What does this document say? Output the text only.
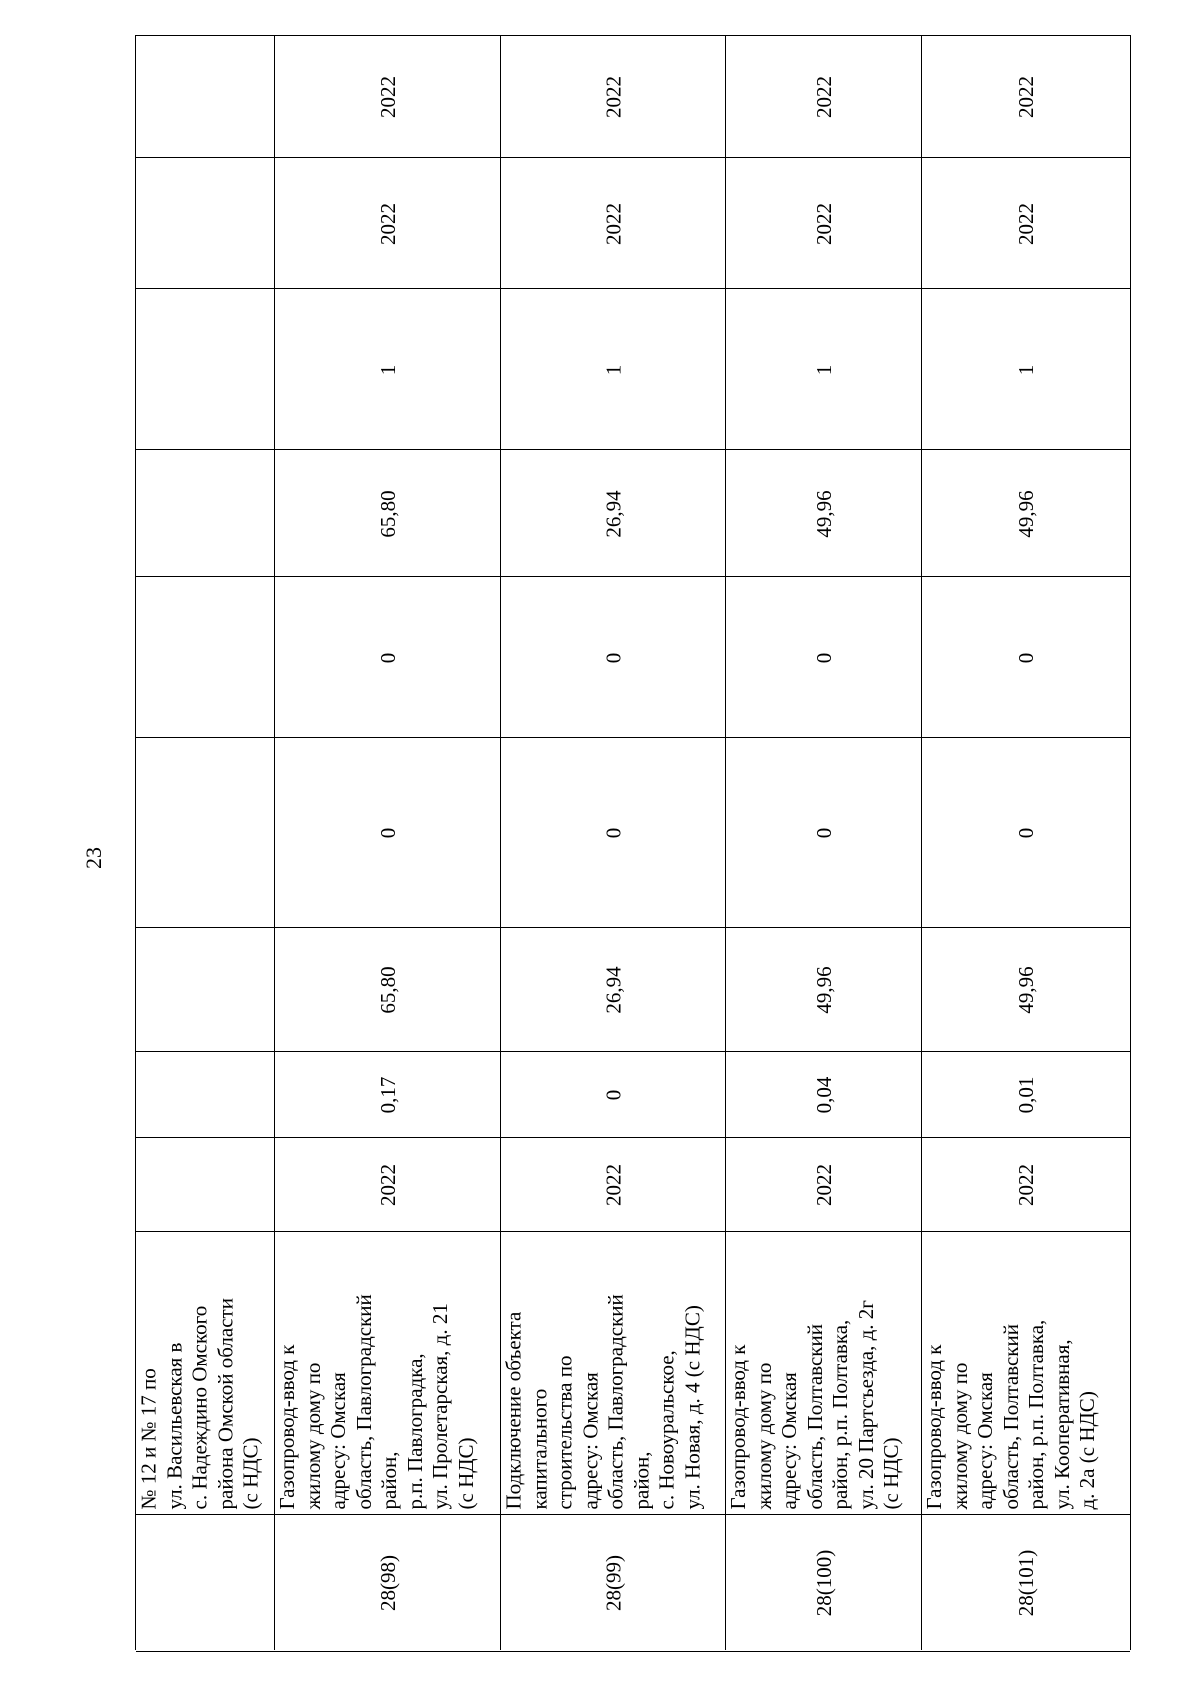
23
№ 12 и № 17 по ул. Васильевская в с. Надеждино Омского района Омской области (с НДС)
2022
2022
1
65,80
0
0
65,80
0,17
2022
Газопровод-ввод к жилому дому по адресу: Омская область, Павлоградский район, р.п. Павлоградка, ул. Пролетарская, д. 21 (с НДС)
28(98)
2022
2022
1
26,94
0
0
26,94
0
2022
Подключение объекта капитального строительства по адресу: Омская область, Павлоградский район, с. Новоуральское, ул. Новая, д. 4 (с НДС)
28(99)
2022
2022
1
49,96
0
0
49,96
0,04
2022
Газопровод-ввод к жилому дому по адресу: Омская область, Полтавский район, р.п. Полтавка, ул. 20 Партсъезда, д. 2г (с НДС)
28(100)
2022
2022
1
49,96
0
0
49,96
0,01
2022
Газопровод-ввод к жилому дому по адресу: Омская область, Полтавский район, р.п. Полтавка, ул. Кооперативная, д. 2а (с НДС)
28(101)
